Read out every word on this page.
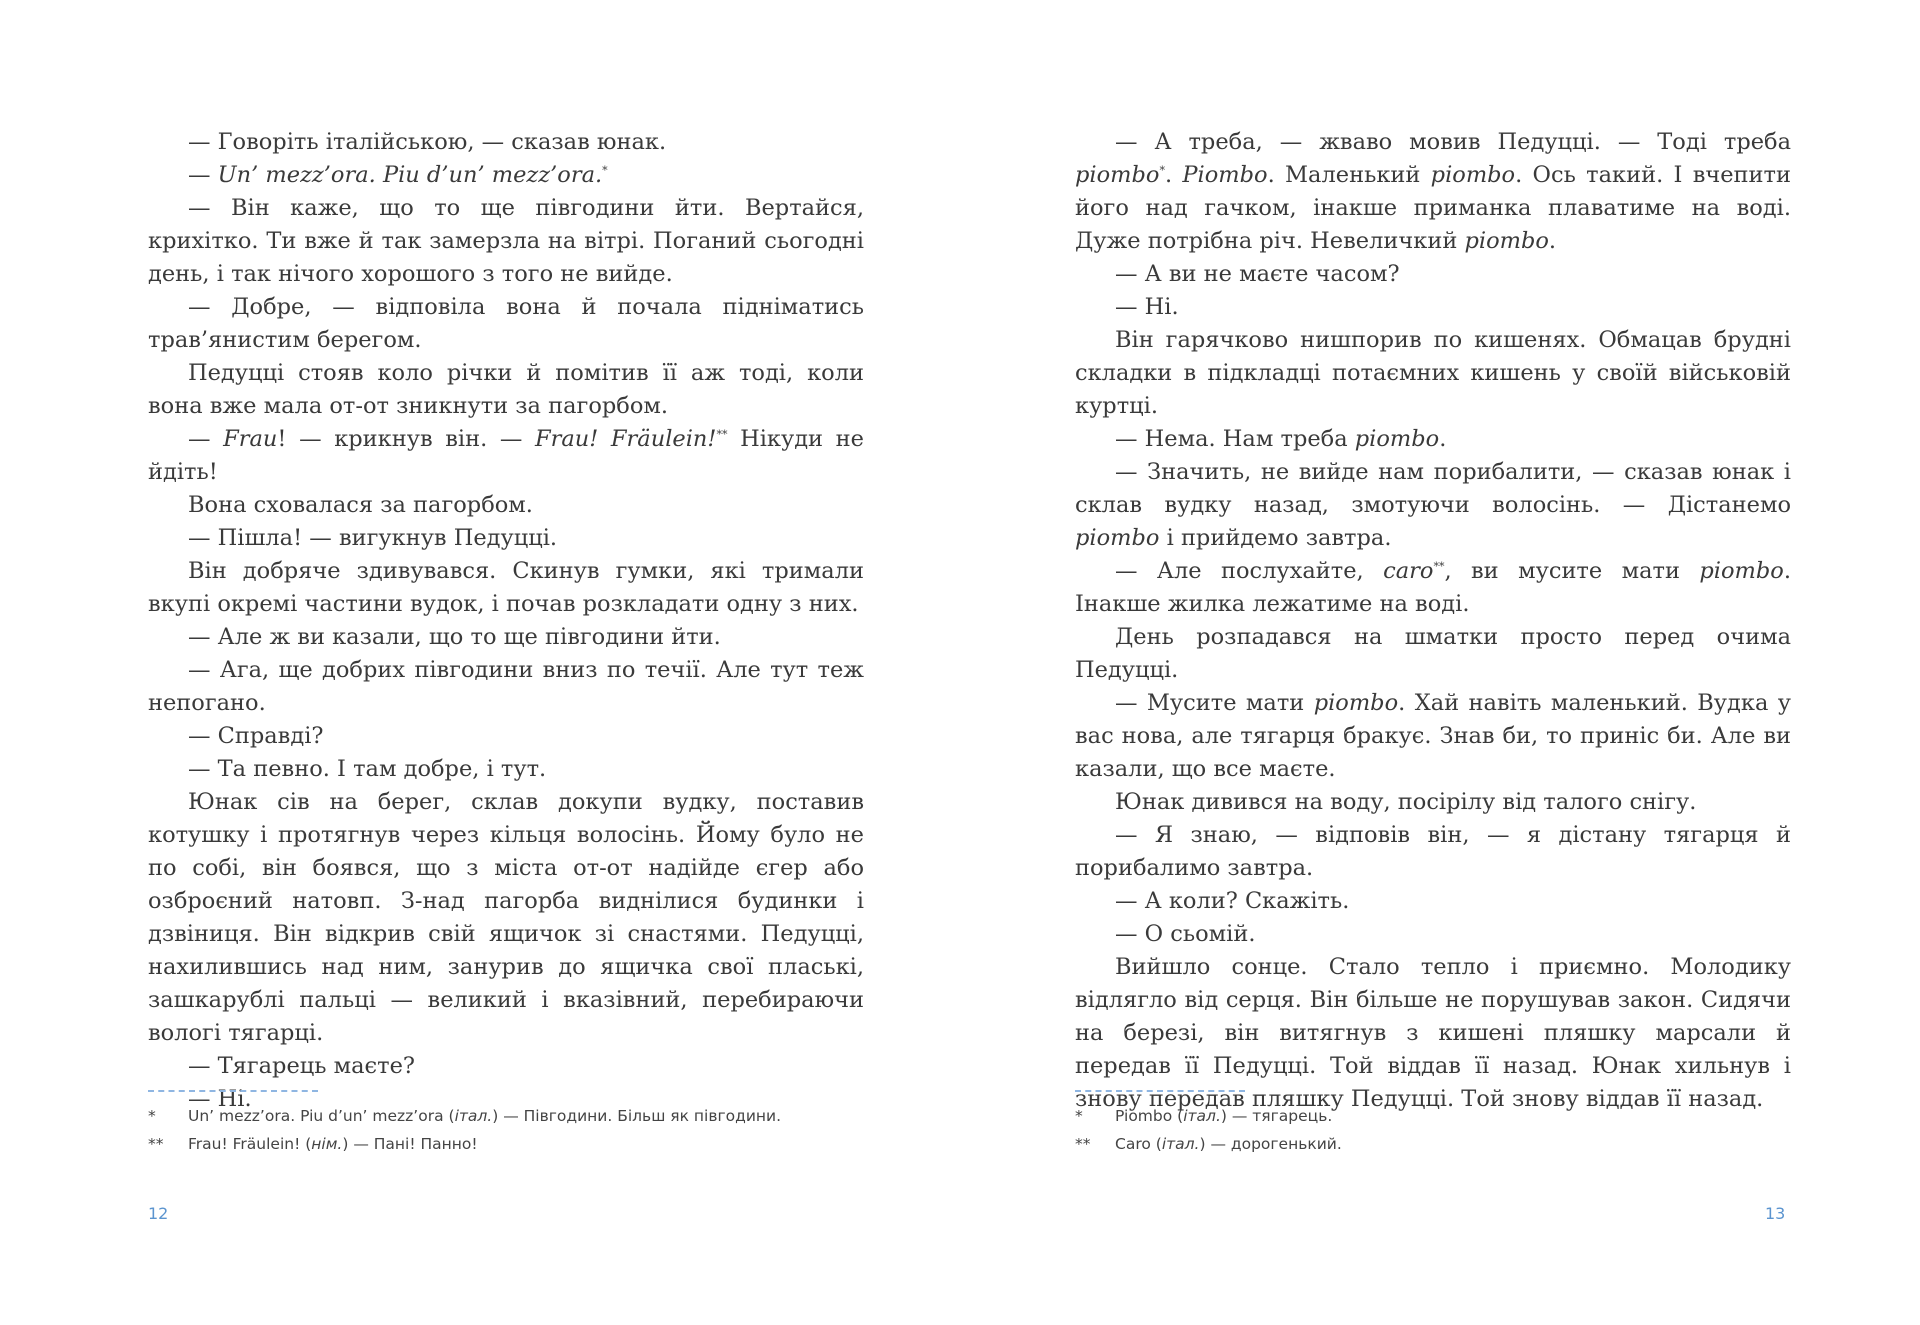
— Говоріть італійською, — сказав юнак.

— Un’ mezz’ora. Piu d’un’ mezz’ora.*

— Він каже, що то ще півгодини йти. Вертайся, крихітко. Ти вже й так замерзла на вітрі. Поганий сьогодні день, і так нічого хорошого з того не вийде.

— Добре, — відповіла вона й почала підніматись трав’янистим берегом.

Педуцці стояв коло річки й помітив її аж тоді, коли вона вже мала от-от зникнути за пагорбом.

— Frau! — крикнув він. — Frau! Fräulein!** Нікуди не йдіть!

Вона сховалася за пагорбом.

— Пішла! — вигукнув Педуцці.

Він добряче здивувався. Скинув гумки, які тримали вкупі окремі частини вудок, і почав розкладати одну з них.

— Але ж ви казали, що то ще півгодини йти.

— Ага, ще добрих півгодини вниз по течії. Але тут теж непогано.

— Справді?

— Та певно. І там добре, і тут.

Юнак сів на берег, склав докупи вудку, поставив котушку і протягнув через кільця волосінь. Йому було не по собі, він боявся, що з міста от-от надійде єгер або озброєний натовп. З-над пагорба виднілися будинки і дзвіниця. Він відкрив свій ящичок зі снастями. Педуцці, нахилившись над ним, занурив до ящичка свої плаські, зашкарублі пальці — великий і вказівний, перебираючи вологі тягарці.

— Тягарець маєте?

— Ні.

*	Un’ mezz’ora. Piu d’un’ mezz’ora (італ.) — Півгодини. Більш як півгодини.
**	Frau! Fräulein! (нім.) — Пані! Панно!
12

— А треба, — жваво мовив Педуцці. — Тоді треба piombo*. Piombo. Маленький piombo. Ось такий. І вчепити його над гачком, інакше приманка плаватиме на воді. Дуже потрібна річ. Невеличкий piombo.

— А ви не маєте часом?

— Ні.

Він гарячково нишпорив по кишенях. Обмацав брудні складки в підкладці потаємних кишень у своїй військовій куртці.

— Нема. Нам треба piombo.

— Значить, не вийде нам порибалити, — сказав юнак і склав вудку назад, змотуючи волосінь. — Дістанемо piombo і прийдемо завтра.

— Але послухайте, caro**, ви мусите мати piombo. Інакше жилка лежатиме на воді.

День розпадався на шматки просто перед очима Педуцці.

— Мусите мати piombo. Хай навіть маленький. Вудка у вас нова, але тягарця бракує. Знав би, то приніс би. Але ви казали, що все маєте.

Юнак дивився на воду, посірілу від талого снігу.

— Я знаю, — відповів він, — я дістану тягарця й порибалимо завтра.

— А коли? Скажіть.

— О сьомій.

Вийшло сонце. Стало тепло і приємно. Молодику відлягло від серця. Він більше не порушував закон. Сидячи на березі, він витягнув з кишені пляшку марсали й передав її Педуцці. Той віддав її назад. Юнак хильнув і знову передав пляшку Педуцці. Той знову віддав її назад.

*	Piombo (італ.) — тягарець.
**	Caro (італ.) — дорогенький.
13
